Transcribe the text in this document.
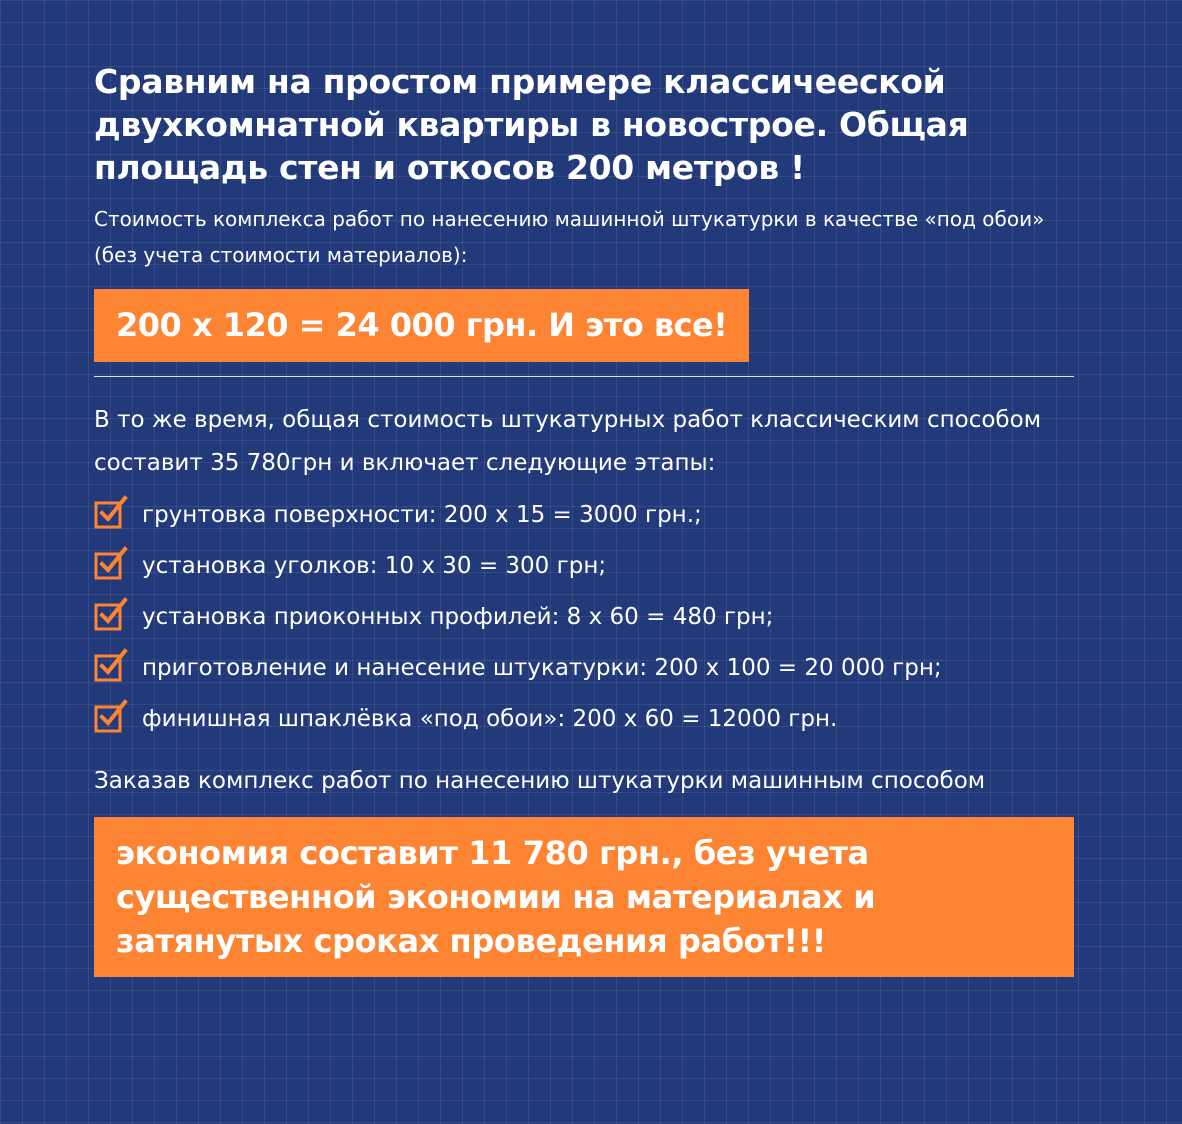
Сравним на простом примере классичееской двухкомнатной квартиры в новострое. Общая площадь стен и откосов 200 метров !

Стоимость комплекса работ по нанесению машинной штукатурки в качестве «под обои»
(без учета стоимости материалов):

200 х 120 = 24 000 грн. И это все!

В то же время, общая стоимость штукатурных работ классическим способом составит 35 780грн и включает следующие этапы:

грунтовка поверхности: 200 х 15 = 3000 грн.;
установка уголков: 10 х 30 = 300 грн;
установка приоконных профилей: 8 х 60 = 480 грн;
приготовление и нанесение штукатурки: 200 х 100 = 20 000 грн;
финишная шпаклёвка «под обои»: 200 х 60 = 12000 грн.

Заказав комплекс работ по нанесению штукатурки машинным способом

экономия составит 11 780 грн., без учета существенной экономии на материалах и затянутых сроках проведения работ!!!
